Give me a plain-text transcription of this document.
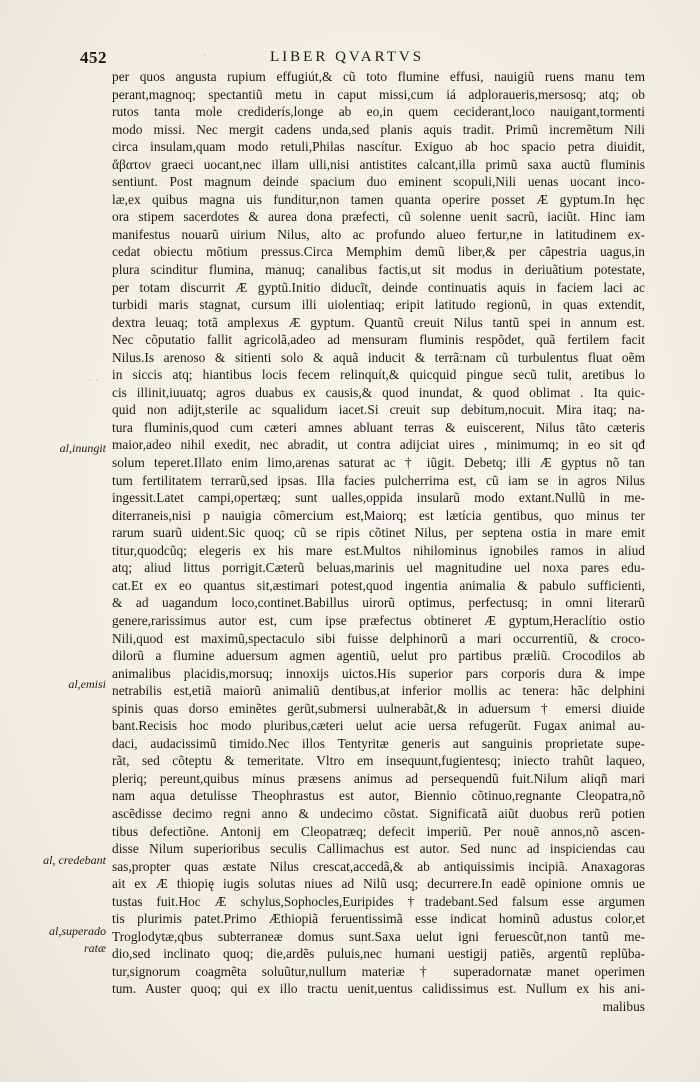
452	LIBER QVARTVS
·
· ·
per quos angusta rupium effugiút,& cũ toto flumine effusi, nauigiũ ruens manu tem
perant,magnoq; spectantiũ metu in caput missi,cum iá adploraueris,mersosq; atq; ob
rutos tanta mole crediderís,longe ab eo,in quem ceciderant,loco nauigant,tormenti
modo missi. Nec mergit cadens unda,sed planis aquis tradit. Primũ incremẽtum Nili
circa insulam,quam modo retuli,Philas nascítur. Exiguo ab hoc spacio petra diuidit,
ἄβατον graeci uocant,nec illam ulli,nisi antistites calcant,illa primũ saxa auctũ fluminis
sentiunt. Post magnum deinde spacium duo eminent scopuli,Nili uenas uocant inco-
læ,ex quibus magna uis funditur,non tamen quanta operire posset Æ gyptum.In hęc
ora stipem sacerdotes & aurea dona præfecti, cũ solenne uenit sacrũ, iaciũt. Hinc iam
manifestus nouarũ uirium Nilus, alto ac profundo alueo fertur,ne in latitudinem ex-
cedat obiectu mõtium pressus.Circa Memphim demũ liber,& per cãpestria uagus,in
plura scinditur flumina, manuq; canalibus factis,ut sit modus in deriuãtium potestate,
per totam discurrit Æ gyptũ.Initio diducĩt, deinde continuatis aquis in faciem laci ac
turbidi maris stagnat, cursum illi uiolentiaq; eripit latitudo regionũ, in quas extendit,
dextra leuaq; totã amplexus Æ gyptum. Quantũ creuit Nilus tantũ spei in annum est.
Nec cõputatio fallit agricolã,adeo ad mensuram fluminis respõdet, quã fertilem facit
Nilus.Is arenoso & sitienti solo & aquã inducit & terrã:nam cũ turbulentus fluat oẽm
in siccis atq; hiantibus locis fecem relinquít,& quicquid pingue secũ tulit, aretibus lo
cis illinit,iuuatq; agros duabus ex causis,& quod inundat, & quod oblimat . Ita quic-
quid non adijt,sterile ac squalidum iacet.Si creuit sup debitum,nocuit. Mira itaq; na-
tura fluminis,quod cum cæteri amnes abluant terras & euiscerent, Nilus tãto cæteris
maior,adeo nihil exedit, nec abradit, ut contra adijciat uires , minimumq; in eo sit qđ
solum teperet.Illato enim limo,arenas saturat ac † iũgit. Debetq; illi Æ gyptus nõ tan
tum fertilitatem terrarũ,sed ipsas. Illa facies pulcherrima est, cũ iam se in agros Nilus
ingessit.Latet campi,opertæq; sunt ualles,oppida insularũ modo extant.Nullũ in me-
diterraneis,nisi p nauigia cõmercium est,Maiorq; est lætícia gentibus, quo minus ter
rarum suarũ uident.Sic quoq; cũ se ripis cõtinet Nilus, per septena ostia in mare emit
titur,quodcũq; elegeris ex his mare est.Multos nihilominus ignobiles ramos in aliud
atq; aliud littus porrigit.Cæterũ beluas,marinis uel magnitudine uel noxa pares edu-
cat.Et ex eo quantus sit,æstimari potest,quod ingentia animalia & pabulo sufficienti,
& ad uagandum loco,continet.Babillus uirorũ optimus, perfectusq; in omni literarũ
genere,rarissimus autor est, cum ipse præfectus obtineret Æ gyptum,Heraclítio ostio
Nili,quod est maximũ,spectaculo sibi fuisse delphinorũ a mari occurrentiũ, & croco-
dilorũ a flumine aduersum agmen agentiũ, uelut pro partibus præliũ. Crocodilos ab
animalibus placidis,morsuq; innoxijs uictos.His superior pars corporis dura & impe
netrabilis est,etiã maiorũ animaliũ dentibus,at inferior mollis ac tenera: hãc delphini
spinis quas dorso eminẽtes gerũt,submersi uulnerabãt,& in aduersum † emersi diuide
bant.Recisis hoc modo pluribus,cæteri uelut acie uersa refugerũt. Fugax animal au-
daci, audacissimũ timido.Nec illos Tentyritæ generis aut sanguinis proprietate supe-
rãt, sed cõteptu & temeritate. Vltro em insequunt,fugientesq; iniecto trahũt laqueo,
pleriq; pereunt,quibus minus præsens animus ad persequendũ fuit.Nilum aliqñ mari
nam aqua detulisse Theophrastus est autor, Biennio cõtinuo,regnante Cleopatra,nõ
ascẽdisse decimo regni anno & undecimo cõstat. Significatã aiũt duobus rerũ potien
tibus defectiõne. Antonij em Cleopatræq; defecit imperiũ. Per nouẽ annos,nõ ascen-
disse Nilum superioribus seculis Callimachus est autor. Sed nunc ad inspiciendas cau
sas,propter quas æstate Nilus crescat,accedã,& ab antiquissimis incipiã. Anaxagoras
ait ex Æ thiopię iugis solutas niues ad Nilũ usq; decurrere.In eadẽ opinione omnis ue
tustas fuit.Hoc Æ schylus,Sophocles,Euripides †tradebant.Sed falsum esse argumen
tis plurimis patet.Primo Æthiopiã feruentissimã esse indicat hominũ adustus color,et
Troglodytæ,qbus subterraneæ domus sunt.Saxa uelut igni feruescũt,non tantũ me-
dio,sed inclinato quoq; die,ardẽs puluis,nec humani uestigij patiẽs, argentũ replũba-
tur,signorum coagmẽta soluũtur,nullum materiæ † superadornatæ manet operimen
tum. Auster quoq; qui ex illo tractu uenit,uentus calidissimus est. Nullum ex his ani-
malibus
al,inungit
al,emisi
al, credebant
al,superado
ratæ
